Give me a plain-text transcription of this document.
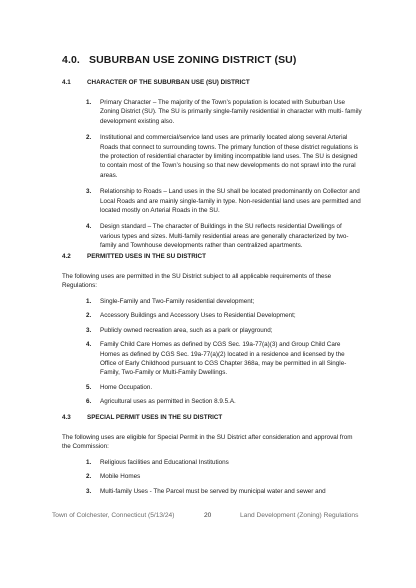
4.0. SUBURBAN USE ZONING DISTRICT (SU)
4.1	CHARACTER OF THE SUBURBAN USE (SU) DISTRICT
1. Primary Character – The majority of the Town’s population is located with Suburban Use Zoning District (SU). The SU is primarily single-family residential in character with multi- family development existing also.
2. Institutional and commercial/service land uses are primarily located along several Arterial Roads that connect to surrounding towns. The primary function of these district regulations is the protection of residential character by limiting incompatible land uses. The SU is designed to contain most of the Town’s housing so that new developments do not sprawl into the rural areas.
3. Relationship to Roads – Land uses in the SU shall be located predominantly on Collector and Local Roads and are mainly single-family in type. Non-residential land uses are permitted and located mostly on Arterial Roads in the SU.
4. Design standard – The character of Buildings in the SU reflects residential Dwellings of various types and sizes. Multi-family residential areas are generally characterized by two- family and Townhouse developments rather than centralized apartments.
4.2	PERMITTED USES IN THE SU DISTRICT
The following uses are permitted in the SU District subject to all applicable requirements of these Regulations:
1. Single-Family and Two-Family residential development;
2. Accessory Buildings and Accessory Uses to Residential Development;
3. Publicly owned recreation area, such as a park or playground;
4. Family Child Care Homes as defined by CGS Sec. 19a-77(a)(3) and Group Child Care Homes as defined by CGS Sec. 19a-77(a)(2) located in a residence and licensed by the Office of Early Childhood pursuant to CGS Chapter 368a, may be permitted in all Single-Family, Two-Family or Multi-Family Dwellings.
5. Home Occupation.
6. Agricultural uses as permitted in Section 8.9.5.A.
4.3	SPECIAL PERMIT USES IN THE SU DISTRICT
The following uses are eligible for Special Permit in the SU District after consideration and approval from the Commission:
1. Religious facilities and Educational Institutions
2. Mobile Homes
3. Multi-family Uses - The Parcel must be served by municipal water and sewer and
Town of Colchester, Connecticut (5/13/24)	20	Land Development (Zoning) Regulations
